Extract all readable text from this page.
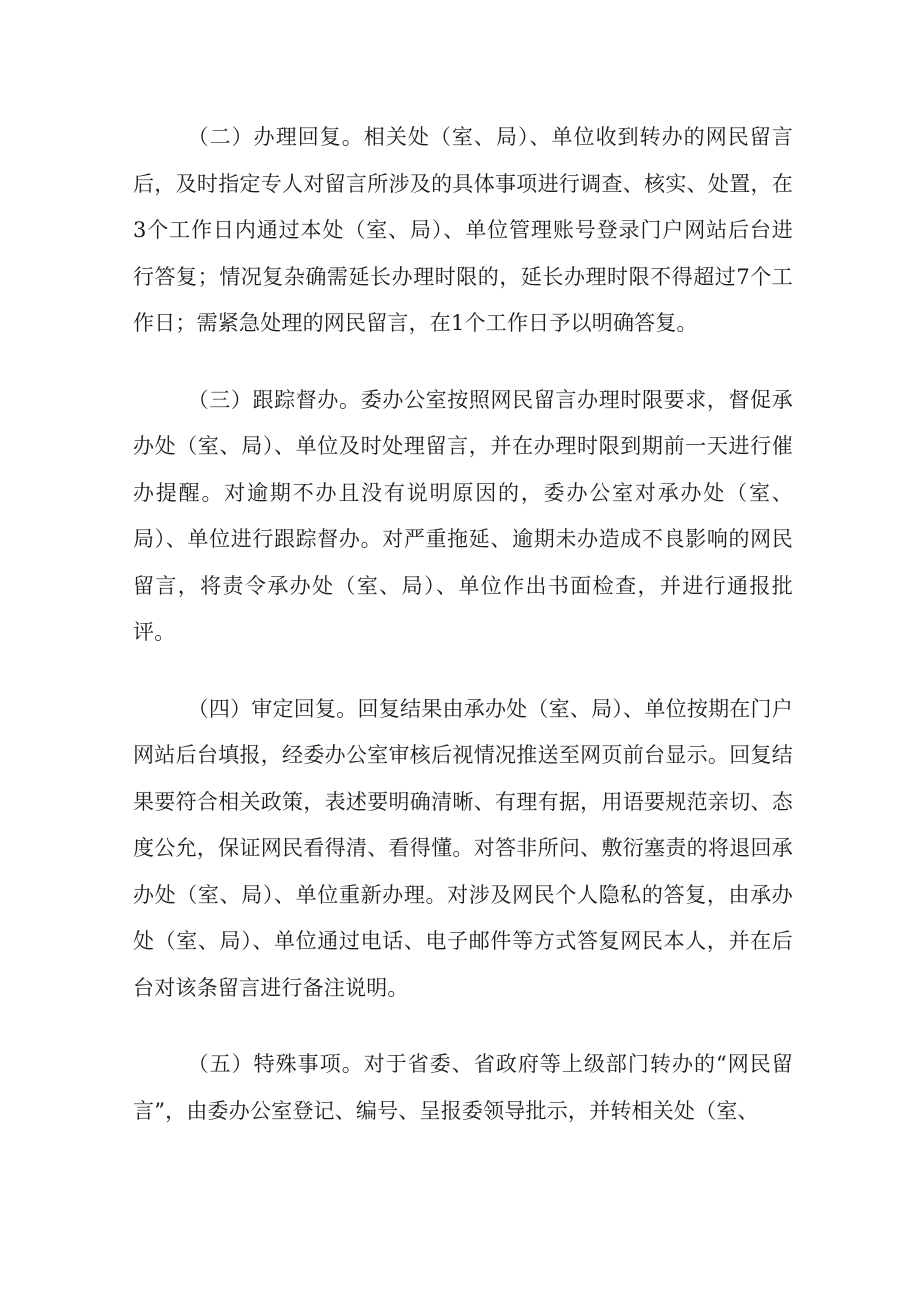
（二）办理回复。相关处（室、局）、单位收到转办的网民留言后，及时指定专人对留言所涉及的具体事项进行调查、核实、处置，在3个工作日内通过本处（室、局）、单位管理账号登录门户网站后台进行答复；情况复杂确需延长办理时限的，延长办理时限不得超过7个工作日；需紧急处理的网民留言，在1个工作日予以明确答复。

（三）跟踪督办。委办公室按照网民留言办理时限要求，督促承办处（室、局）、单位及时处理留言，并在办理时限到期前一天进行催办提醒。对逾期不办且没有说明原因的，委办公室对承办处（室、局）、单位进行跟踪督办。对严重拖延、逾期未办造成不良影响的网民留言，将责令承办处（室、局）、单位作出书面检查，并进行通报批评。

（四）审定回复。回复结果由承办处（室、局）、单位按期在门户网站后台填报，经委办公室审核后视情况推送至网页前台显示。回复结果要符合相关政策，表述要明确清晰、有理有据，用语要规范亲切、态度公允，保证网民看得清、看得懂。对答非所问、敷衍塞责的将退回承办处（室、局）、单位重新办理。对涉及网民个人隐私的答复，由承办处（室、局）、单位通过电话、电子邮件等方式答复网民本人，并在后台对该条留言进行备注说明。

（五）特殊事项。对于省委、省政府等上级部门转办的“网民留言”，由委办公室登记、编号、呈报委领导批示，并转相关处（室、
